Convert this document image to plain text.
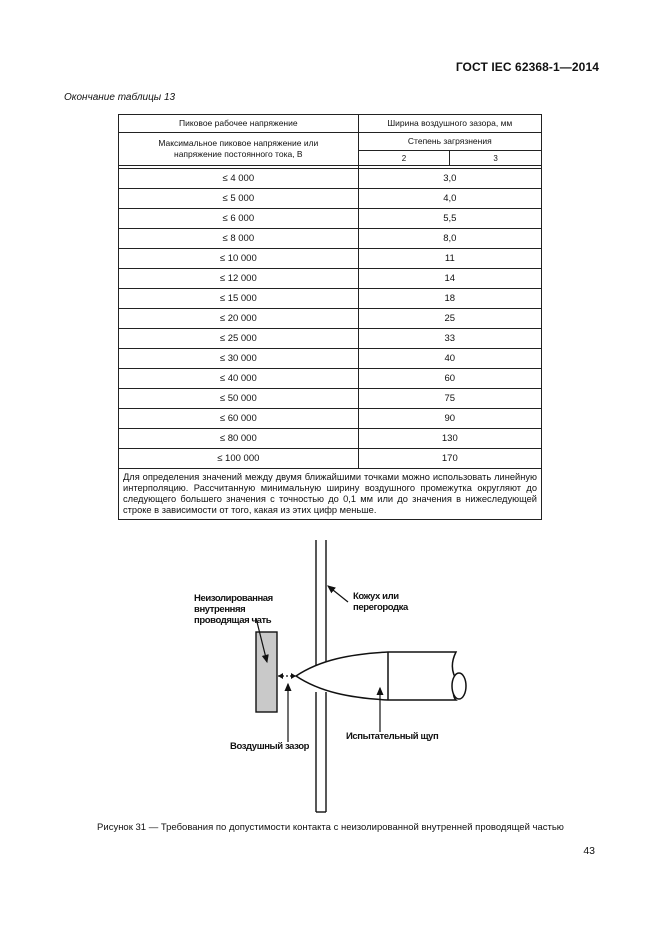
ГОСТ IEC 62368-1—2014
Окончание таблицы 13
Пиковое рабочее напряжение	Ширина воздушного зазора, мм	

Максимальное пиковое напряжение или напряжение постоянного тока, В	Степень загрязнения	
	2	3

≤ 4 000	3,0	
≤ 5 000	4,0	
≤ 6 000	5,5	
≤ 8 000	8,0	
≤ 10 000	11	
≤ 12 000	14	
≤ 15 000	18	
≤ 20 000	25	
≤ 25 000	33	
≤ 30 000	40	
≤ 40 000	60	
≤ 50 000	75	
≤ 60 000	90	
≤ 80 000	130	
≤ 100 000	170	
Для определения значений между двумя ближайшими точками можно использовать линейную интерполяцию. Рассчитанную минимальную ширину воздушного промежутка округляют до следующего большего значения с точностью до 0,1 мм или до значения в нижеследующей строке в зависимости от того, какая из этих цифр меньше.		
Неизолированная
внутренняя
проводящая чать
Кожух или
перегородка
Воздушный зазор
Испытательный щуп
Рисунок 31 — Требования по допустимости контакта с неизолированной внутренней проводящей частью
43
